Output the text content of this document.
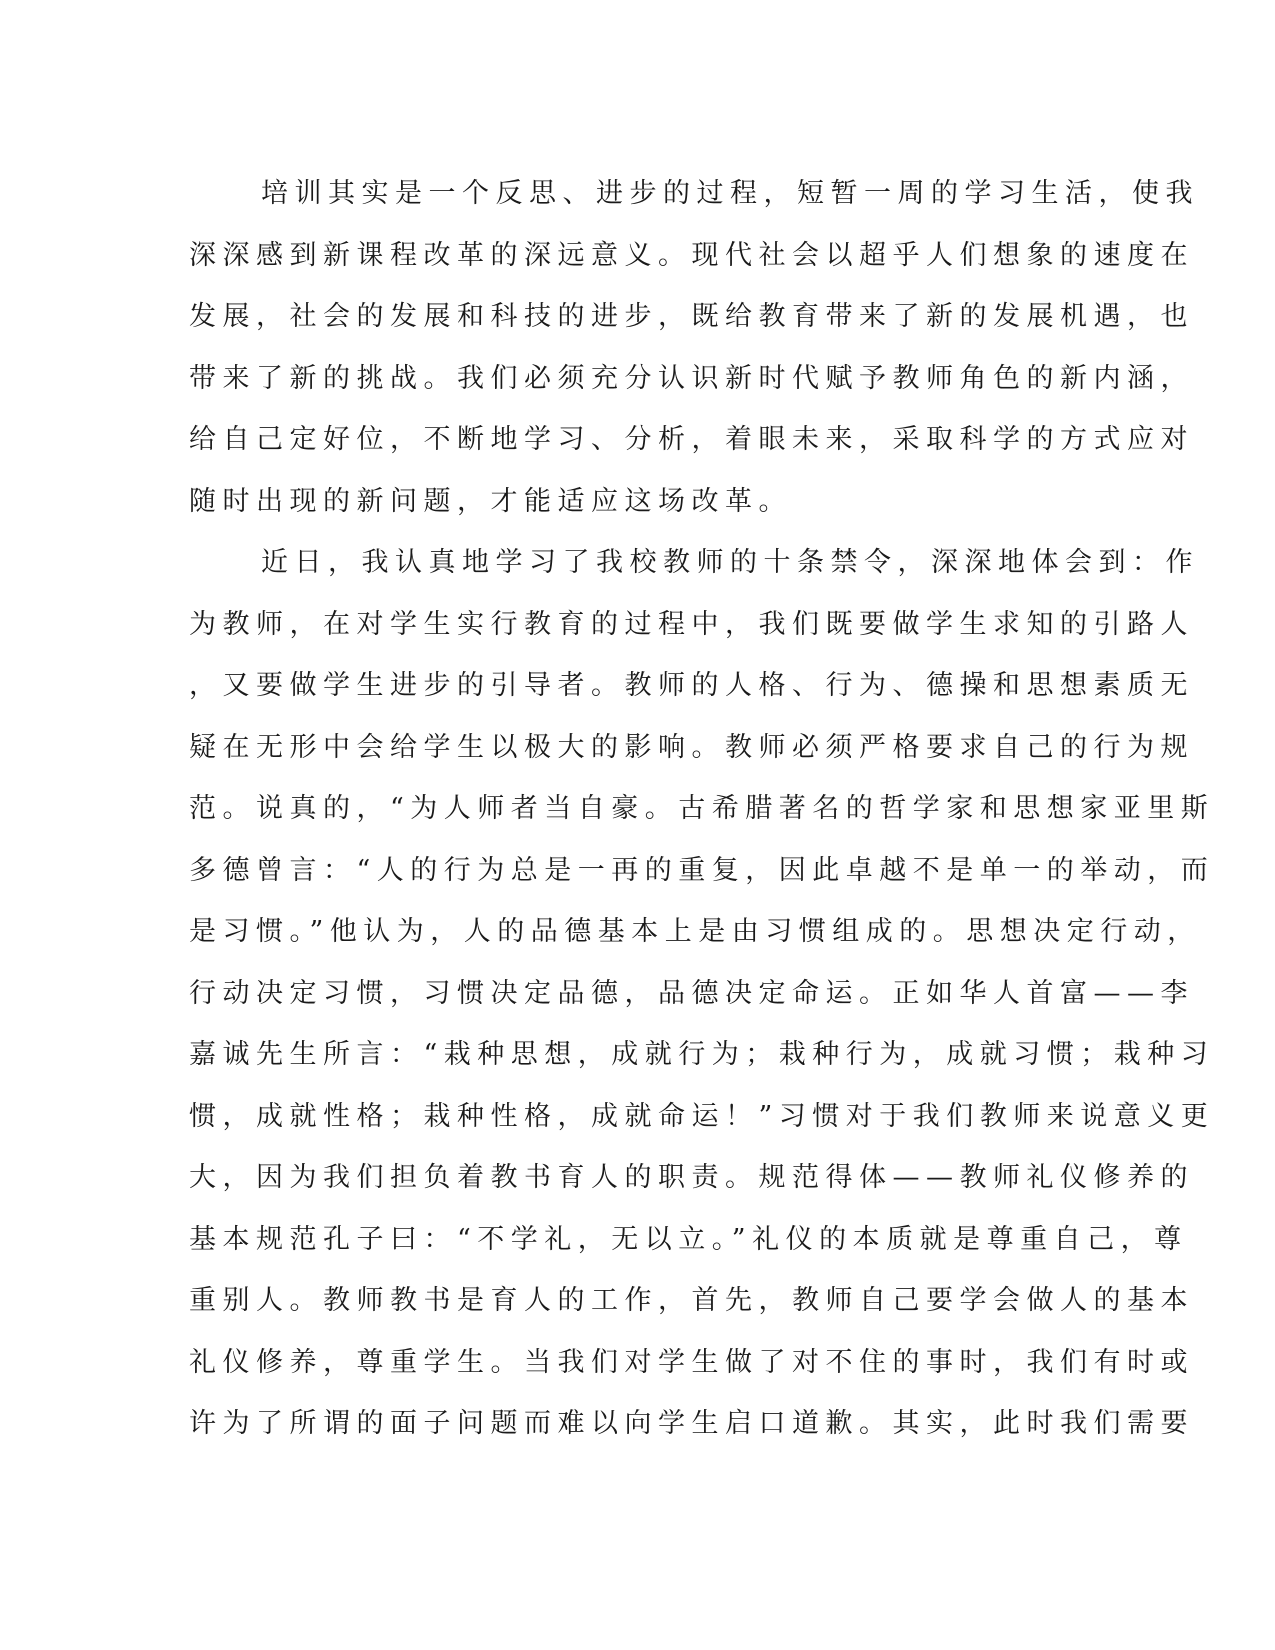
培训其实是一个反思、进步的过程，短暂一周的学习生活，使我
深深感到新课程改革的深远意义。现代社会以超乎人们想象的速度在
发展，社会的发展和科技的进步，既给教育带来了新的发展机遇，也
带来了新的挑战。我们必须充分认识新时代赋予教师角色的新内涵，
给自己定好位，不断地学习、分析，着眼未来，采取科学的方式应对
随时出现的新问题，才能适应这场改革。

近日，我认真地学习了我校教师的十条禁令，深深地体会到：作
为教师，在对学生实行教育的过程中，我们既要做学生求知的引路人
，又要做学生进步的引导者。教师的人格、行为、德操和思想素质无
疑在无形中会给学生以极大的影响。教师必须严格要求自己的行为规
范。说真的，“为人师者当自豪。古希腊著名的哲学家和思想家亚里斯
多德曾言：“人的行为总是一再的重复，因此卓越不是单一的举动，而
是习惯。”他认为，人的品德基本上是由习惯组成的。思想决定行动，
行动决定习惯，习惯决定品德，品德决定命运。正如华人首富——李
嘉诚先生所言：“栽种思想，成就行为；栽种行为，成就习惯；栽种习
惯，成就性格；栽种性格，成就命运！”习惯对于我们教师来说意义更
大，因为我们担负着教书育人的职责。规范得体——教师礼仪修养的
基本规范孔子曰：“不学礼，无以立。”礼仪的本质就是尊重自己，尊
重别人。教师教书是育人的工作，首先，教师自己要学会做人的基本
礼仪修养，尊重学生。当我们对学生做了对不住的事时，我们有时或
许为了所谓的面子问题而难以向学生启口道歉。其实，此时我们需要
